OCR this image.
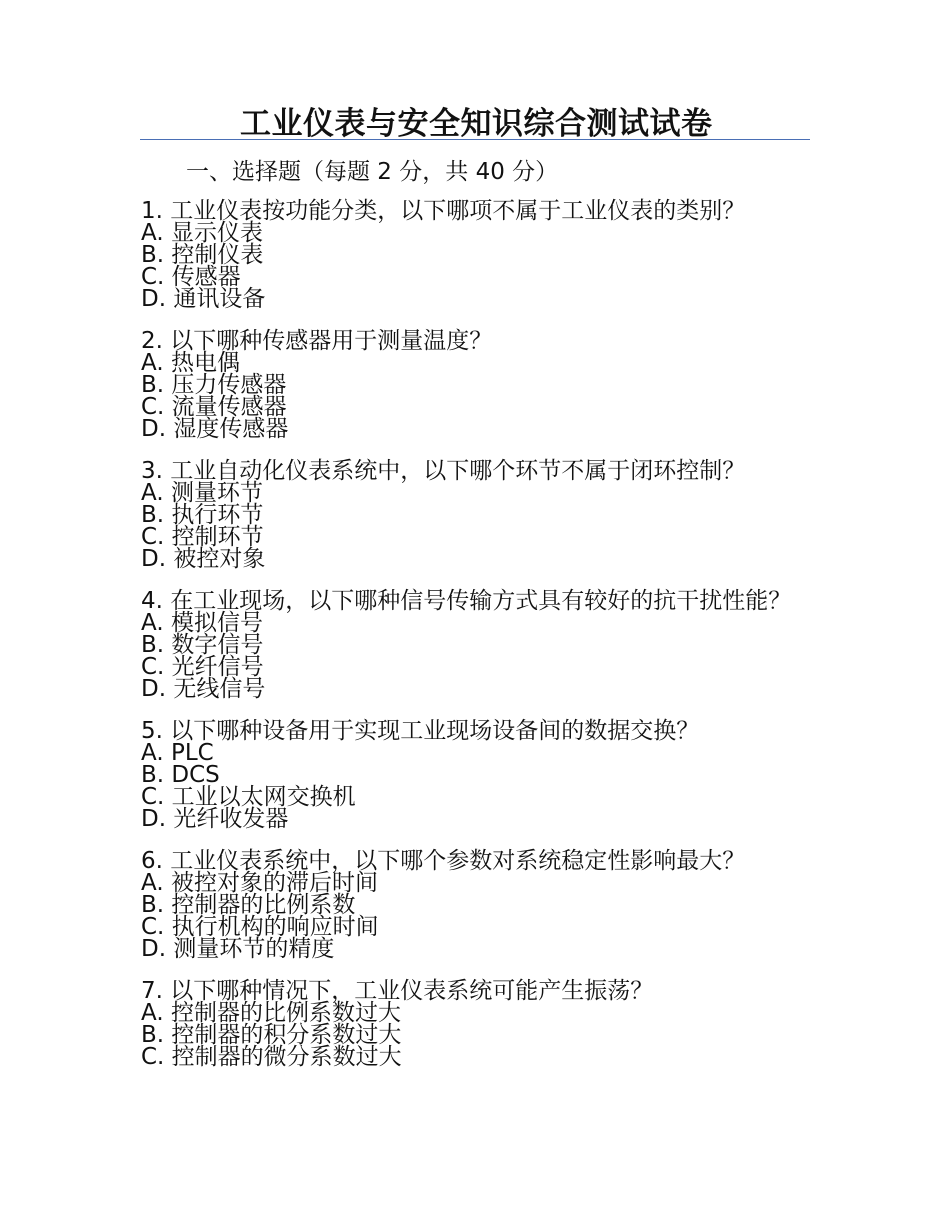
工业仪表与安全知识综合测试试卷
一、选择题（每题 2 分，共 40 分）
1. 工业仪表按功能分类，以下哪项不属于工业仪表的类别？
A. 显示仪表
B. 控制仪表
C. 传感器
D. 通讯设备
2. 以下哪种传感器用于测量温度？
A. 热电偶
B. 压力传感器
C. 流量传感器
D. 湿度传感器
3. 工业自动化仪表系统中，以下哪个环节不属于闭环控制？
A. 测量环节
B. 执行环节
C. 控制环节
D. 被控对象
4. 在工业现场，以下哪种信号传输方式具有较好的抗干扰性能？
A. 模拟信号
B. 数字信号
C. 光纤信号
D. 无线信号
5. 以下哪种设备用于实现工业现场设备间的数据交换？
A. PLC
B. DCS
C. 工业以太网交换机
D. 光纤收发器
6. 工业仪表系统中，以下哪个参数对系统稳定性影响最大？
A. 被控对象的滞后时间
B. 控制器的比例系数
C. 执行机构的响应时间
D. 测量环节的精度
7. 以下哪种情况下，工业仪表系统可能产生振荡？
A. 控制器的比例系数过大
B. 控制器的积分系数过大
C. 控制器的微分系数过大
